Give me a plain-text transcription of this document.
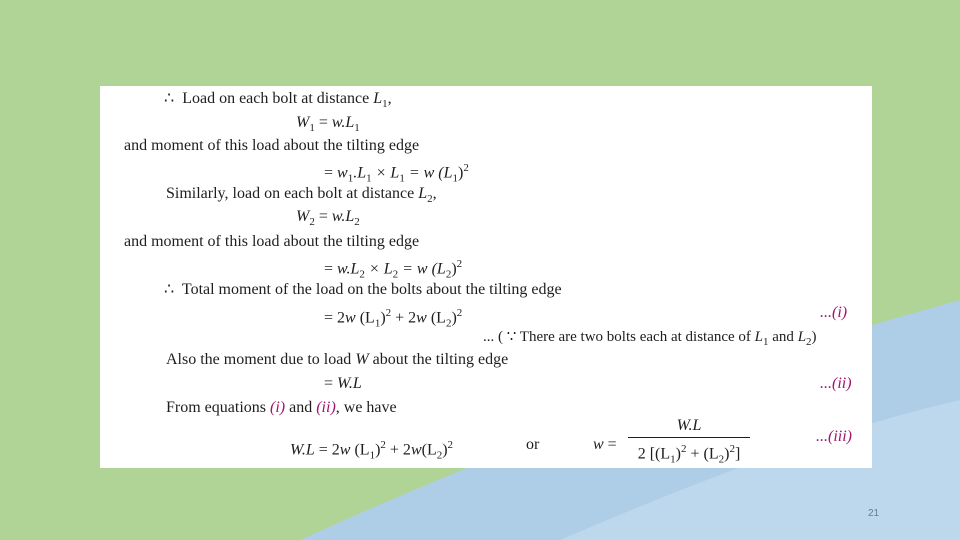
∴ Load on each bolt at distance $L_1$,
$W_1 = w.L_1$
and moment of this load about the tilting edge
= $w_1.L_1 \times L_1 = w$ $(L_1)^2$
Similarly, load on each bolt at distance $L_2$,
$W_2 = w.L_2$
and moment of this load about the tilting edge
= $w.L_2 \times L_2 = w$ $(L_2)^2$
∴ Total moment of the load on the bolts about the tilting edge
= 2w $(L_1)^2 + 2w$ $(L_2)^2$	...(i)
... ( ∵ There are two bolts each at distance of $L_1$ and $L_2$)
Also the moment due to load W about the tilting edge
= W.L	...(ii)
From equations (i) and (ii), we have
W.L = 2w $(L_1)^2 + 2w(L_2)^2$	or	w =
W.L
2 $[(L_1)^2 + (L_2)^2]$
...(iii)
21
